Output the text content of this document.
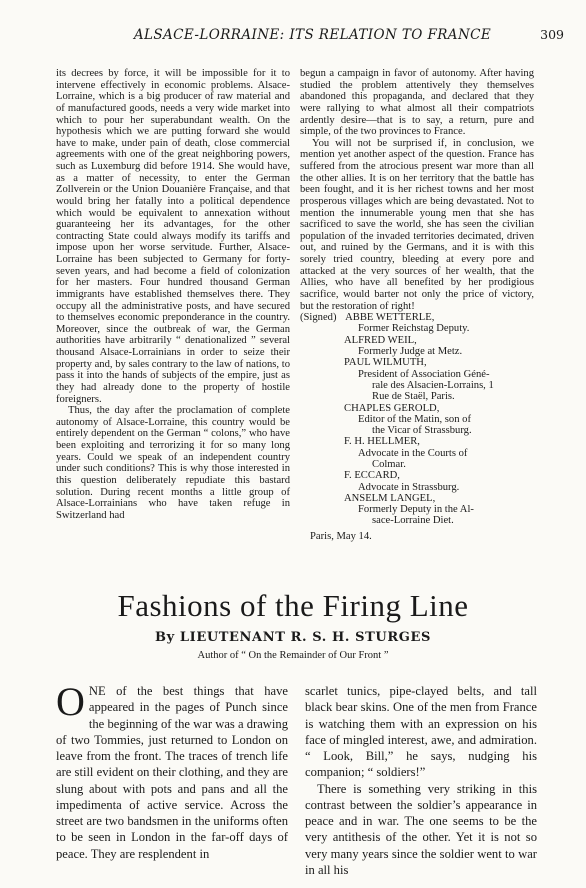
ALSACE-LORRAINE: ITS RELATION TO FRANCE	309

its decrees by force, it will be impossible for it to intervene effectively in economic problems. Alsace-Lorraine, which is a big producer of raw material and of manufactured goods, needs a very wide market into which to pour her superabundant wealth. On the hypothesis which we are putting forward she would have to make, under pain of death, close commercial agreements with one of the great neighboring powers, such as Luxemburg did before 1914. She would have, as a matter of necessity, to enter the German Zollverein or the Union Douanière Française, and that would bring her fatally into a political dependence which would be equivalent to annexation without guaranteeing her its advantages, for the other contracting State could always modify its tariffs and impose upon her worse servitude. Further, Alsace-Lorraine has been subjected to Germany for forty-seven years, and had become a field of colonization for her masters. Four hundred thousand German immigrants have established themselves there. They occupy all the administrative posts, and have secured to themselves economic preponderance in the country. Moreover, since the outbreak of war, the German authorities have arbitrarily “ denationalized ” several thousand Alsace-Lorrainians in order to seize their property and, by sales contrary to the law of nations, to pass it into the hands of subjects of the empire, just as they had already done to the property of hostile foreigners.

Thus, the day after the proclamation of complete autonomy of Alsace-Lorraine, this country would be entirely dependent on the German “ colons,” who have been exploiting and terrorizing it for so many long years. Could we speak of an independent country under such conditions? This is why those interested in this question deliberately repudiate this bastard solution. During recent months a little group of Alsace-Lorrainians who have taken refuge in Switzerland had

begun a campaign in favor of autonomy. After having studied the problem attentively they themselves abandoned this propaganda, and declared that they were rallying to what almost all their compatriots ardently desire—that is to say, a return, pure and simple, of the two provinces to France.

You will not be surprised if, in conclusion, we mention yet another aspect of the question. France has suffered from the atrocious present war more than all the other allies. It is on her territory that the battle has been fought, and it is her richest towns and her most prosperous villages which are being devastated. Not to mention the innumerable young men that she has sacrificed to save the world, she has seen the civilian population of the invaded territories decimated, driven out, and ruined by the Germans, and it is with this sorely tried country, bleeding at every pore and attacked at the very sources of her wealth, that the Allies, who have all benefited by her prodigious sacrifice, would barter not only the price of victory, but the restoration of right!

(Signed) ABBE WETTERLE,
Former Reichstag Deputy.
ALFRED WEIL,
Formerly Judge at Metz.
PAUL WILMUTH,
President of Association Géné-
rale des Alsacien-Lorrains, 1
Rue de Staël, Paris.
CHAPLES GEROLD,
Editor of the Matin, son of
the Vicar of Strassburg.
F. H. HELLMER,
Advocate in the Courts of
Colmar.
F. ECCARD,
Advocate in Strassburg.
ANSELM LANGEL,
Formerly Deputy in the Al-
sace-Lorraine Diet.
Paris, May 14.
Fashions of the Firing Line
By LIEUTENANT R. S. H. STURGES
Author of “ On the Remainder of Our Front ”
O NE of the best things that have appeared in the pages of Punch since the beginning of the war was a drawing of two Tommies, just returned to London on leave from the front. The traces of trench life are still evident on their clothing, and they are slung about with pots and pans and all the impedimenta of active service. Across the street are two bandsmen in the uniforms often to be seen in London in the far-off days of peace. They are resplendent in
scarlet tunics, pipe-clayed belts, and tall black bear skins. One of the men from France is watching them with an expression on his face of mingled interest, awe, and admiration. “ Look, Bill,” he says, nudging his companion; “ soldiers!”
There is something very striking in this contrast between the soldier’s appearance in peace and in war. The one seems to be the very antithesis of the other. Yet it is not so very many years since the soldier went to war in all his
